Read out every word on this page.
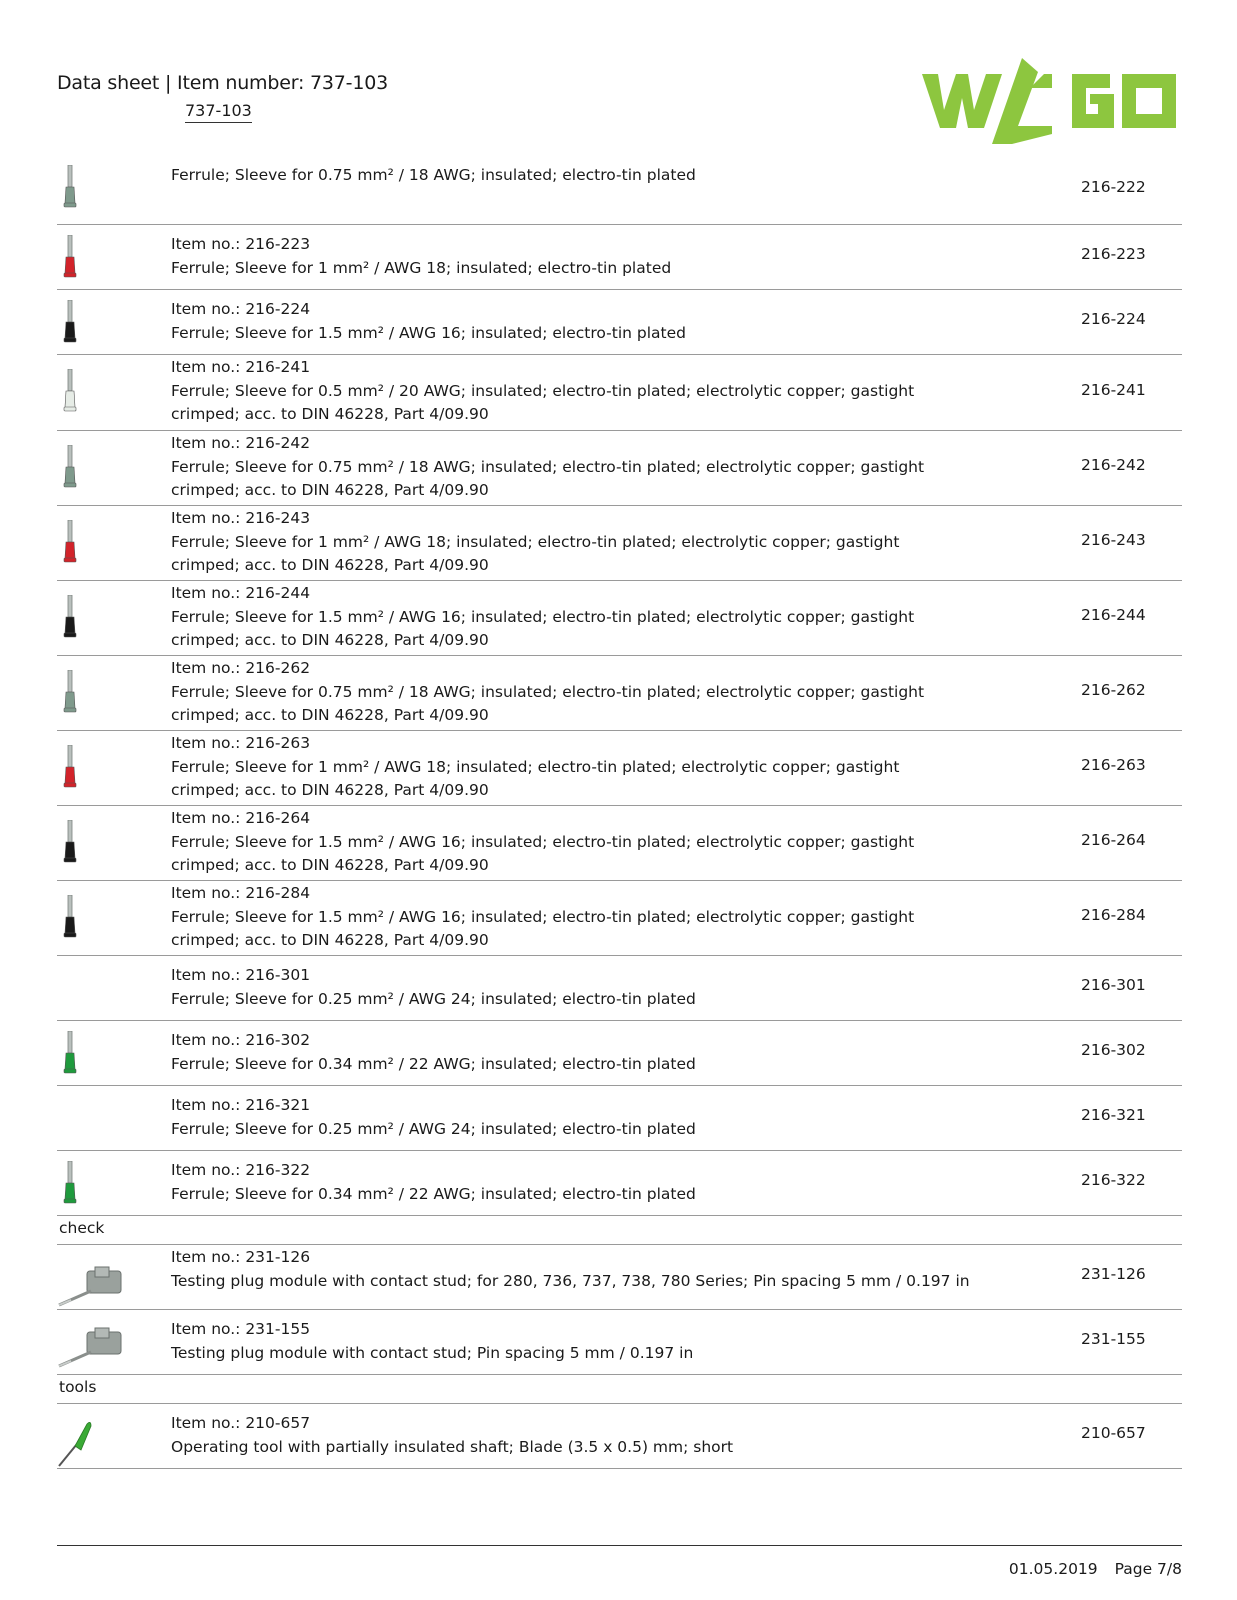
Data sheet | Item number: 737-103
737-103
Ferrule; Sleeve for 0.75 mm² / 18 AWG; insulated; electro-tin plated
216-222
Item no.: 216-223
Ferrule; Sleeve for 1 mm² / AWG 18; insulated; electro-tin plated
216-223
Item no.: 216-224
Ferrule; Sleeve for 1.5 mm² / AWG 16; insulated; electro-tin plated
216-224
Item no.: 216-241
Ferrule; Sleeve for 0.5 mm² / 20 AWG; insulated; electro-tin plated; electrolytic copper; gastight crimped; acc. to DIN 46228, Part 4/09.90
216-241
Item no.: 216-242
Ferrule; Sleeve for 0.75 mm² / 18 AWG; insulated; electro-tin plated; electrolytic copper; gastight crimped; acc. to DIN 46228, Part 4/09.90
216-242
Item no.: 216-243
Ferrule; Sleeve for 1 mm² / AWG 18; insulated; electro-tin plated; electrolytic copper; gastight crimped; acc. to DIN 46228, Part 4/09.90
216-243
Item no.: 216-244
Ferrule; Sleeve for 1.5 mm² / AWG 16; insulated; electro-tin plated; electrolytic copper; gastight crimped; acc. to DIN 46228, Part 4/09.90
216-244
Item no.: 216-262
Ferrule; Sleeve for 0.75 mm² / 18 AWG; insulated; electro-tin plated; electrolytic copper; gastight crimped; acc. to DIN 46228, Part 4/09.90
216-262
Item no.: 216-263
Ferrule; Sleeve for 1 mm² / AWG 18; insulated; electro-tin plated; electrolytic copper; gastight crimped; acc. to DIN 46228, Part 4/09.90
216-263
Item no.: 216-264
Ferrule; Sleeve for 1.5 mm² / AWG 16; insulated; electro-tin plated; electrolytic copper; gastight crimped; acc. to DIN 46228, Part 4/09.90
216-264
Item no.: 216-284
Ferrule; Sleeve for 1.5 mm² / AWG 16; insulated; electro-tin plated; electrolytic copper; gastight crimped; acc. to DIN 46228, Part 4/09.90
216-284
Item no.: 216-301
Ferrule; Sleeve for 0.25 mm² / AWG 24; insulated; electro-tin plated
216-301
Item no.: 216-302
Ferrule; Sleeve for 0.34 mm² / 22 AWG; insulated; electro-tin plated
216-302
Item no.: 216-321
Ferrule; Sleeve for 0.25 mm² / AWG 24; insulated; electro-tin plated
216-321
Item no.: 216-322
Ferrule; Sleeve for 0.34 mm² / 22 AWG; insulated; electro-tin plated
216-322
check
Item no.: 231-126
Testing plug module with contact stud; for 280, 736, 737, 738, 780 Series; Pin spacing 5 mm / 0.197 in	231-126
Item no.: 231-155
Testing plug module with contact stud; Pin spacing 5 mm / 0.197 in
231-155
tools
Item no.: 210-657
Operating tool with partially insulated shaft; Blade (3.5 x 0.5) mm; short
210-657
01.05.2019 Page 7/8
